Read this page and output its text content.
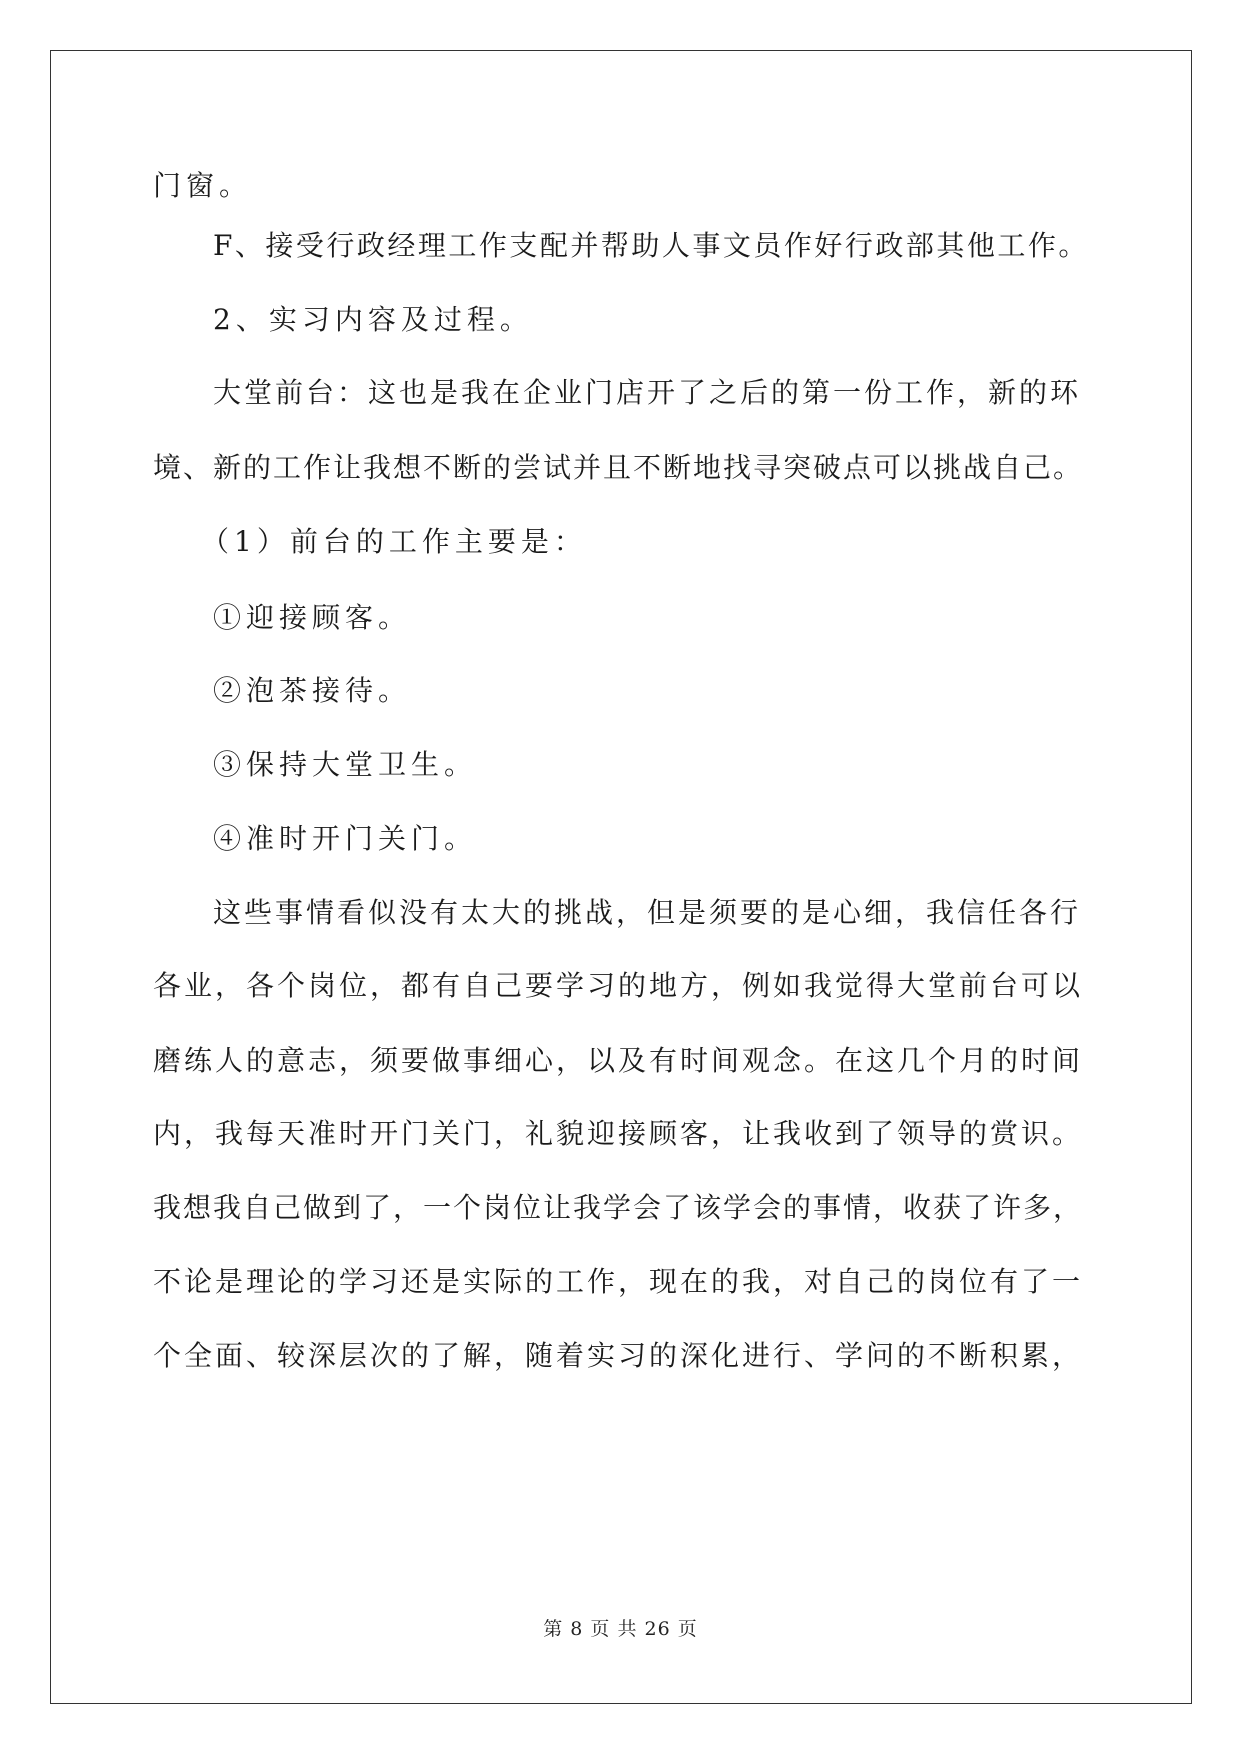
门窗。
F、接受行政经理工作支配并帮助人事文员作好行政部其他工作。
2、实习内容及过程。
大堂前台：这也是我在企业门店开了之后的第一份工作，新的环
境、新的工作让我想不断的尝试并且不断地找寻突破点可以挑战自己。
（1）前台的工作主要是：
①迎接顾客。
②泡茶接待。
③保持大堂卫生。
④准时开门关门。
这些事情看似没有太大的挑战，但是须要的是心细，我信任各行
各业，各个岗位，都有自己要学习的地方，例如我觉得大堂前台可以
磨练人的意志，须要做事细心，以及有时间观念。在这几个月的时间
内，我每天准时开门关门，礼貌迎接顾客，让我收到了领导的赏识。
我想我自己做到了，一个岗位让我学会了该学会的事情，收获了许多，
不论是理论的学习还是实际的工作，现在的我，对自己的岗位有了一
个全面、较深层次的了解，随着实习的深化进行、学问的不断积累，
第 8 页 共 26 页
